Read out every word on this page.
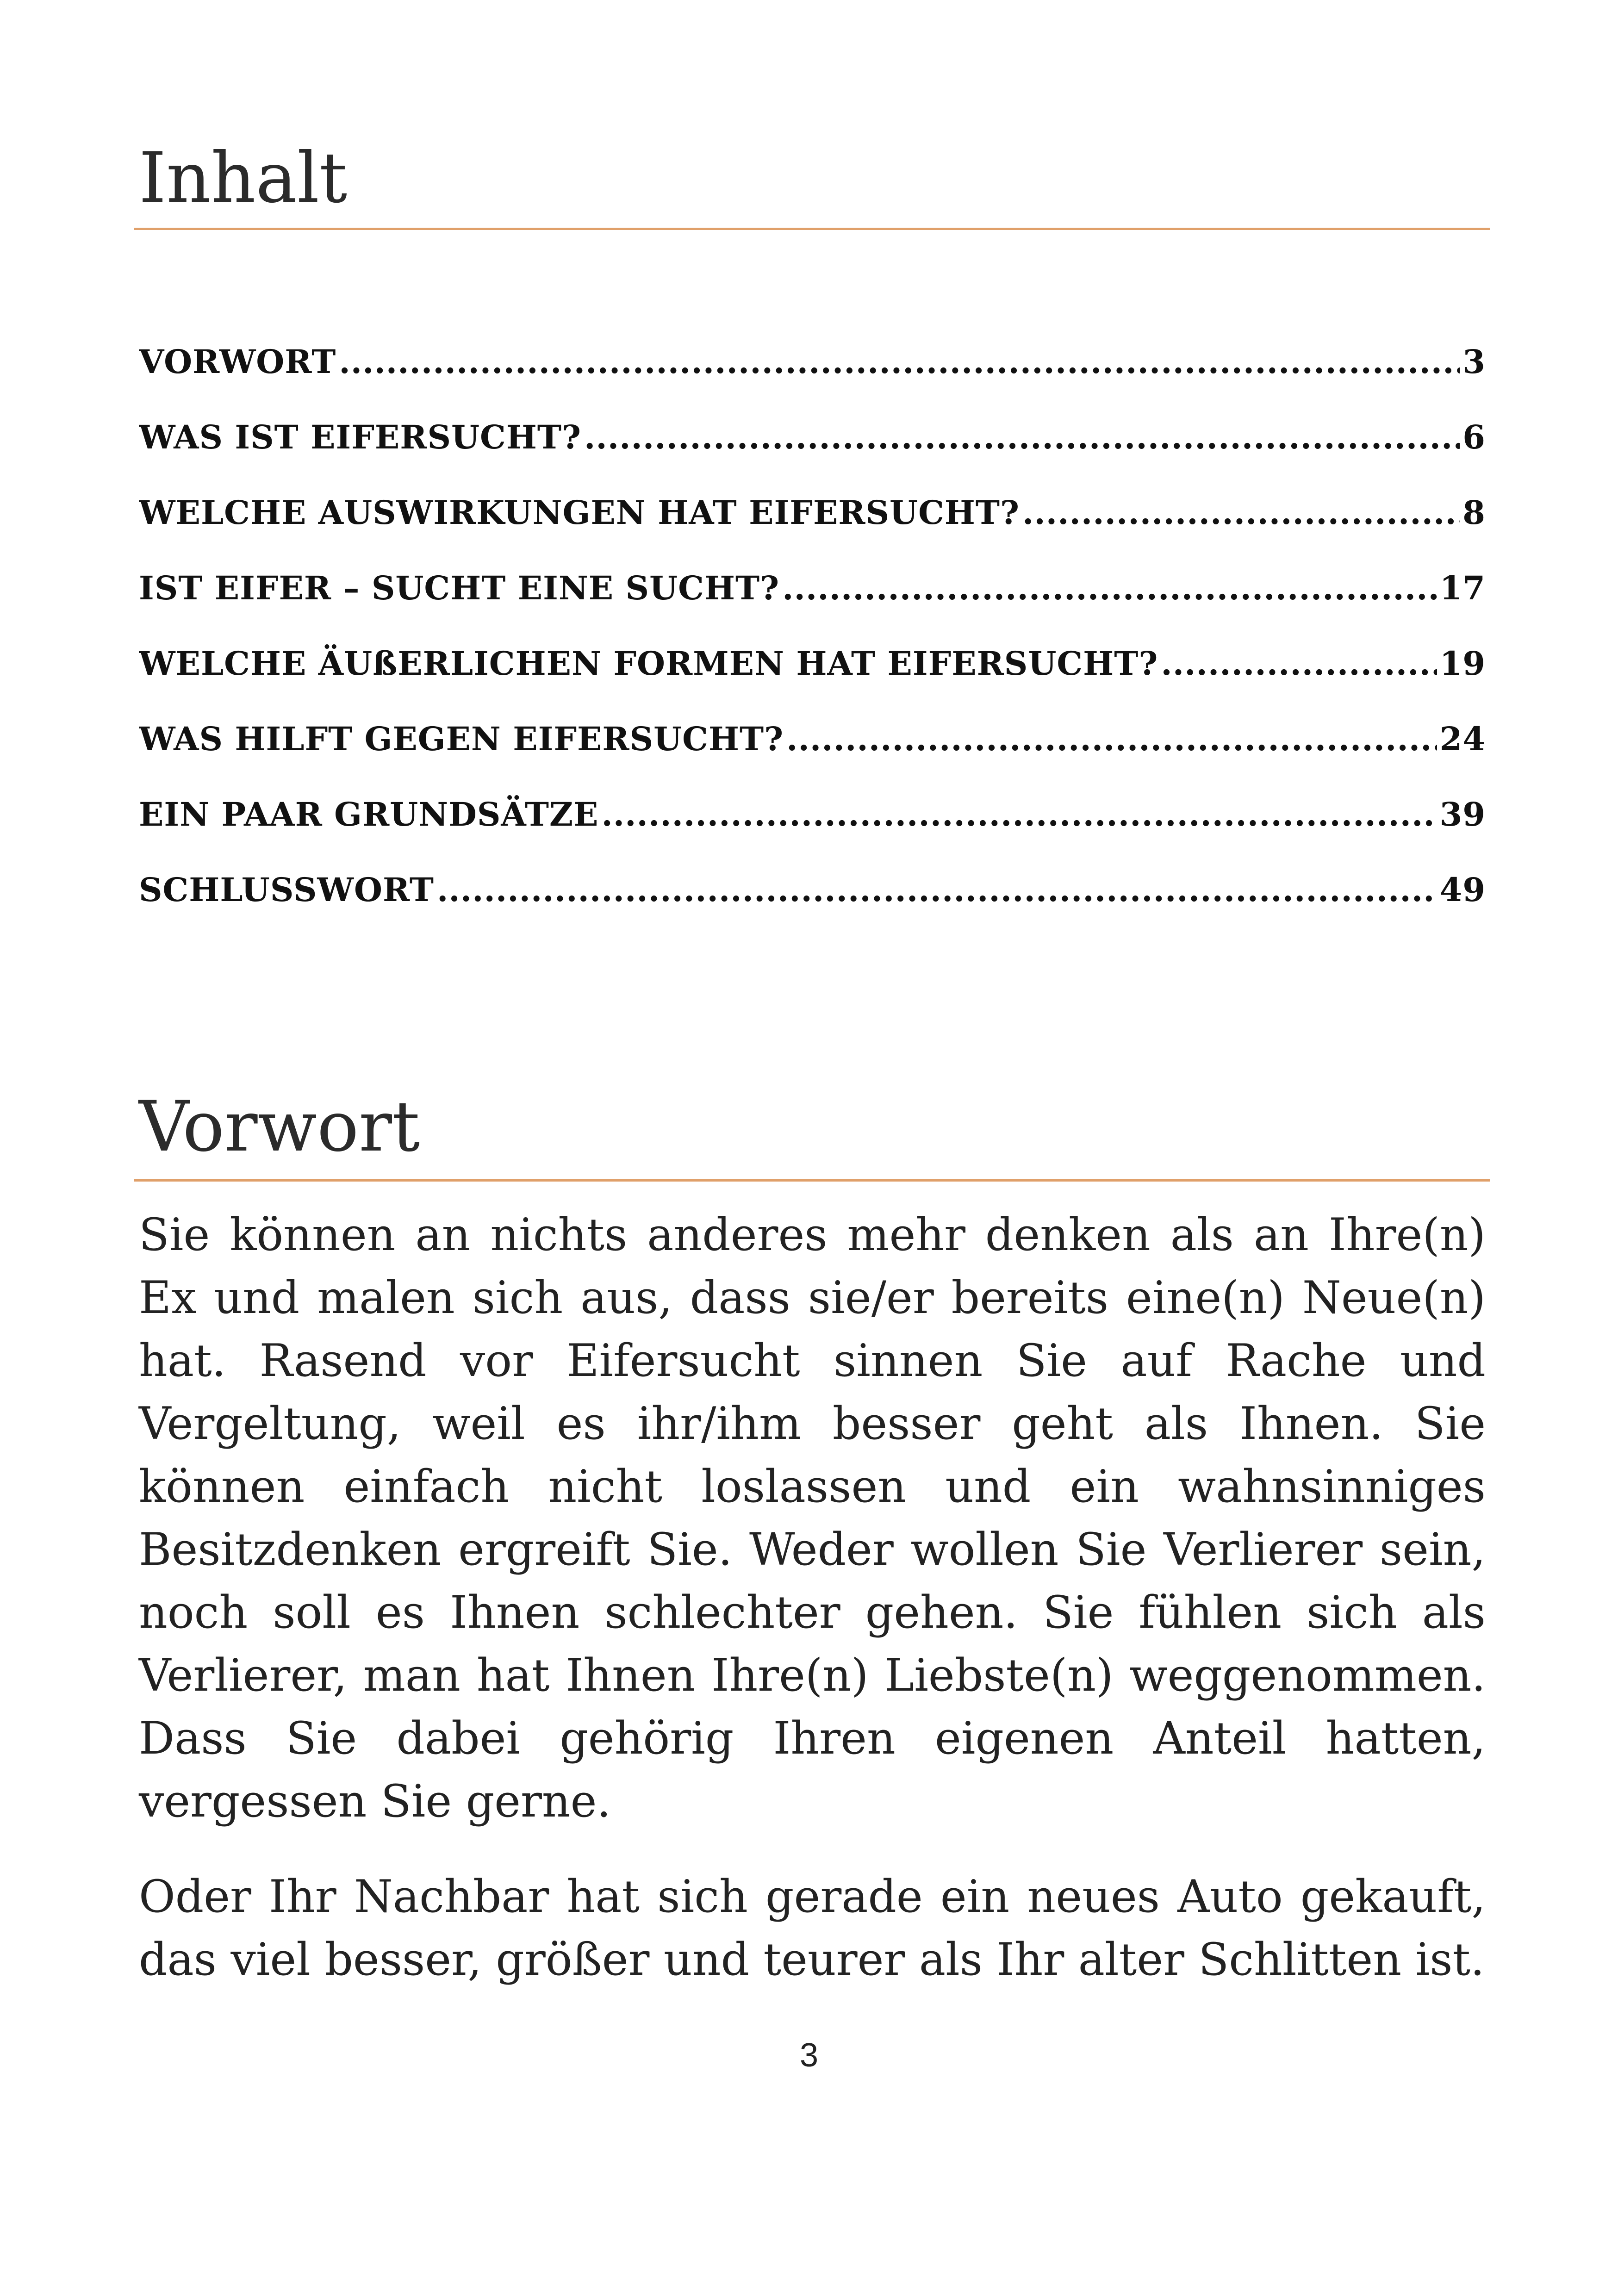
Inhalt
VORWORT .....	3
WAS IST EIFERSUCHT? .....	6
WELCHE AUSWIRKUNGEN HAT EIFERSUCHT? .....	8
IST EIFER – SUCHT EINE SUCHT? .....	17
WELCHE ÄUßERLICHEN FORMEN HAT EIFERSUCHT? .....	19
WAS HILFT GEGEN EIFERSUCHT? .....	24
EIN PAAR GRUNDSÄTZE .....	39
SCHLUSSWORT .....	49
Vorwort

Sie können an nichts anderes mehr denken als an Ihre(n) Ex und malen sich aus, dass sie/er bereits eine(n) Neue(n) hat. Rasend vor Eifersucht sinnen Sie auf Rache und Vergeltung, weil es ihr/ihm besser geht als Ihnen. Sie können einfach nicht loslassen und ein wahnsinniges Besitzdenken ergreift Sie. Weder wollen Sie Verlierer sein, noch soll es Ihnen schlechter gehen. Sie fühlen sich als Verlierer, man hat Ihnen Ihre(n) Liebste(n) weggenommen. Dass Sie dabei gehörig Ihren eigenen Anteil hatten, vergessen Sie gerne.

Oder Ihr Nachbar hat sich gerade ein neues Auto gekauft, das viel besser, größer und teurer als Ihr alter Schlitten ist.

3
